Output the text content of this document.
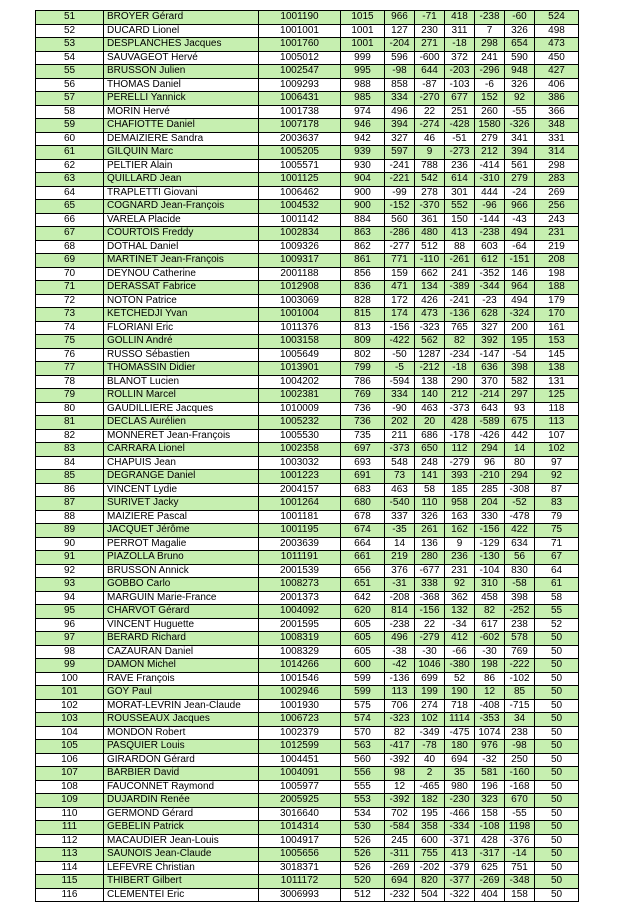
51	BROYER Gérard	1001190	1015	966	-71	418	-238	-60	524
52	DUCARD Lionel	1001001	1001	127	230	311	7	326	498
53	DESPLANCHES Jacques	1001760	1001	-204	271	-18	298	654	473
54	SAUVAGEOT Hervé	1005012	999	596	-600	372	241	590	450
55	BRUSSON Julien	1002547	995	-98	644	-203	-296	948	427
56	THOMAS Daniel	1009293	988	858	-87	-103	-6	326	406
57	PERELLI Yannick	1006431	985	334	-270	677	152	92	386
58	MORIN Hervé	1001738	974	496	22	251	260	-55	366
59	CHAFIOTTE Daniel	1007178	946	394	-274	-428	1580	-326	348
60	DEMAIZIERE Sandra	2003637	942	327	46	-51	279	341	331
61	GILQUIN Marc	1005205	939	597	9	-273	212	394	314
62	PELTIER Alain	1005571	930	-241	788	236	-414	561	298
63	QUILLARD Jean	1001125	904	-221	542	614	-310	279	283
64	TRAPLETTI Giovani	1006462	900	-99	278	301	444	-24	269
65	COGNARD Jean-François	1004532	900	-152	-370	552	-96	966	256
66	VARELA Placide	1001142	884	560	361	150	-144	-43	243
67	COURTOIS Freddy	1002834	863	-286	480	413	-238	494	231
68	DOTHAL Daniel	1009326	862	-277	512	88	603	-64	219
69	MARTINET Jean-François	1009317	861	771	-110	-261	612	-151	208
70	DEYNOU Catherine	2001188	856	159	662	241	-352	146	198
71	DERASSAT Fabrice	1012908	836	471	134	-389	-344	964	188
72	NOTON Patrice	1003069	828	172	426	-241	-23	494	179
73	KETCHEDJI Yvan	1001004	815	174	473	-136	628	-324	170
74	FLORIANI Eric	1011376	813	-156	-323	765	327	200	161
75	GOLLIN André	1003158	809	-422	562	82	392	195	153
76	RUSSO Sébastien	1005649	802	-50	1287	-234	-147	-54	145
77	THOMASSIN Didier	1013901	799	-5	-212	-18	636	398	138
78	BLANOT Lucien	1004202	786	-594	138	290	370	582	131
79	ROLLIN Marcel	1002381	769	334	140	212	-214	297	125
80	GAUDILLIERE Jacques	1010009	736	-90	463	-373	643	93	118
81	DECLAS Aurélien	1005232	736	202	20	428	-589	675	113
82	MONNERET Jean-François	1005530	735	211	686	-178	-426	442	107
83	CARRARA Lionel	1002358	697	-373	650	112	294	14	102
84	CHAPUIS Jean	1003032	693	548	248	-279	96	80	97
85	DEGRANGE Daniel	1001223	691	73	141	393	-210	294	92
86	VINCENT Lydie	2004157	683	463	58	185	285	-308	87
87	SURIVET Jacky	1001264	680	-540	110	958	204	-52	83
88	MAIZIERE Pascal	1001181	678	337	326	163	330	-478	79
89	JACQUET Jérôme	1001195	674	-35	261	162	-156	422	75
90	PERROT Magalie	2003639	664	14	136	9	-129	634	71
91	PIAZOLLA Bruno	1011191	661	219	280	236	-130	56	67
92	BRUSSON Annick	2001539	656	376	-677	231	-104	830	64
93	GOBBO Carlo	1008273	651	-31	338	92	310	-58	61
94	MARGUIN Marie-France	2001373	642	-208	-368	362	458	398	58
95	CHARVOT Gérard	1004092	620	814	-156	132	82	-252	55
96	VINCENT Huguette	2001595	605	-238	22	-34	617	238	52
97	BERARD Richard	1008319	605	496	-279	412	-602	578	50
98	CAZAURAN Daniel	1008329	605	-38	-30	-66	-30	769	50
99	DAMON Michel	1014266	600	-42	1046	-380	198	-222	50
100	RAVE François	1001546	599	-136	699	52	86	-102	50
101	GOY Paul	1002946	599	113	199	190	12	85	50
102	MORAT-LEVRIN Jean-Claude	1001930	575	706	274	718	-408	-715	50
103	ROUSSEAUX Jacques	1006723	574	-323	102	1114	-353	34	50
104	MONDON Robert	1002379	570	82	-349	-475	1074	238	50
105	PASQUIER Louis	1012599	563	-417	-78	180	976	-98	50
106	GIRARDON Gérard	1004451	560	-392	40	694	-32	250	50
107	BARBIER David	1004091	556	98	2	35	581	-160	50
108	FAUCONNET Raymond	1005977	555	12	-465	980	196	-168	50
109	DUJARDIN Renée	2005925	553	-392	182	-230	323	670	50
110	GERMOND Gérard	3016640	534	702	195	-466	158	-55	50
111	GEBELIN Patrick	1014314	530	-584	358	-334	-108	1198	50
112	MACAUDIER Jean-Louis	1004917	526	245	600	-371	428	-376	50
113	SAUNOIS Jean-Claude	1005656	526	-311	755	413	-317	-14	50
114	LEFEVRE Christian	3018371	526	-269	-202	-379	625	751	50
115	THIBERT Gilbert	1011172	520	694	820	-377	-269	-348	50
116	CLEMENTEI Eric	3006993	512	-232	504	-322	404	158	50
